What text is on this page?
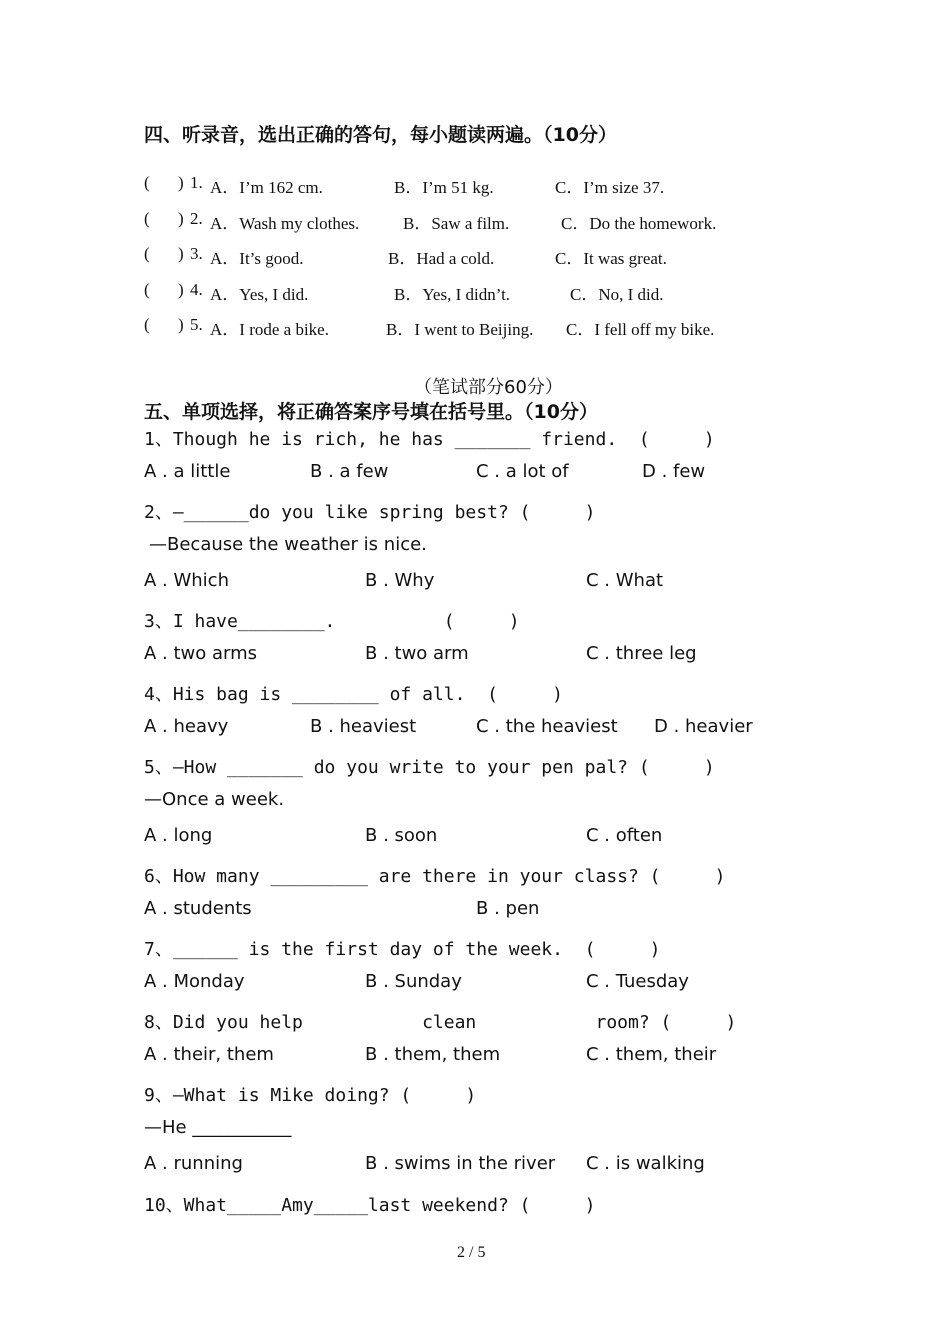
四、听录音，选出正确的答句，每小题读两遍。（10分）
( ) 1. A．I’m 162 cm.	B．I’m 51 kg.	C．I’m size 37.
( ) 2. A．Wash my clothes.	B．Saw a film.	C．Do the homework.
( ) 3. A．It’s good.	B．Had a cold.	C．It was great.
( ) 4. A．Yes, I did.	B．Yes, I didn’t.	C．No, I did.
( ) 5. A．I rode a bike.	B．I went to Beijing. C．I fell off my bike.
（笔试部分60分）
五、单项选择，将正确答案序号填在括号里。（10分）
1、Though he is rich, he has _______ friend.  (     )
A . a little	B . a few	C . a lot of	D . few
2、—______do you like spring best? (     )
—Because the weather is nice.
A . Which	B . Why	C . What
3、I have________.          (     )
A . two arms	B . two arm	C . three leg
4、His bag is ________ of all.  (     )
A . heavy	B . heaviest	C . the heaviest D . heavier
5、—How _______ do you write to your pen pal? (     )
—Once a week.
A . long	B . soon	C . often
6、How many _________ are there in your class? (     )
A . students	B . pen
7、______ is the first day of the week.  (     )
A . Monday	B . Sunday	C . Tuesday
8、Did you help           clean           room? (     )
A . their, them	B . them, them	C . them, their
9、—What is Mike doing? (     )
—He ___________
A . running	B . swims in the river C . is walking
10、What_____Amy_____last weekend? (     )
2 / 5
